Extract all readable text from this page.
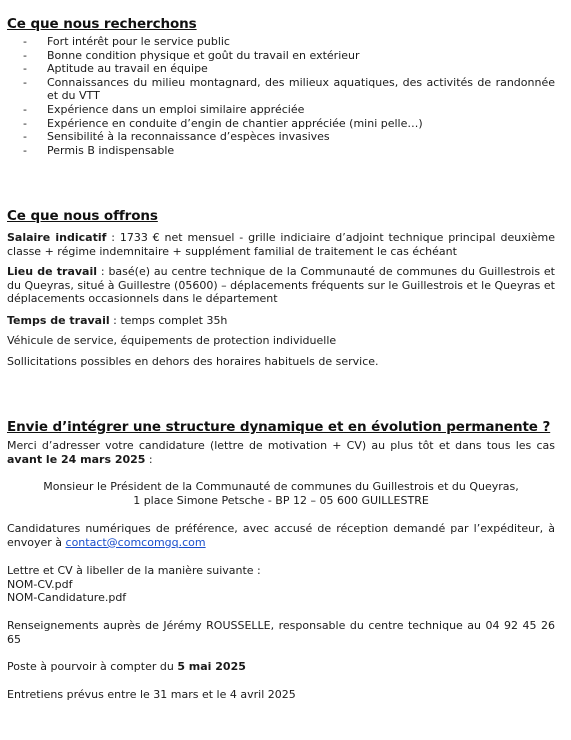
Ce que nous recherchons
- Fort intérêt pour le service public
- Bonne condition physique et goût du travail en extérieur
- Aptitude au travail en équipe
- Connaissances du milieu montagnard, des milieux aquatiques, des activités de randonnée et du VTT
- Expérience dans un emploi similaire appréciée
- Expérience en conduite d’engin de chantier appréciée (mini pelle…)
- Sensibilité à la reconnaissance d’espèces invasives
- Permis B indispensable
Ce que nous offrons

Salaire indicatif : 1733 € net mensuel - grille indiciaire d’adjoint technique principal deuxième classe + régime indemnitaire + supplément familial de traitement le cas échéant

Lieu de travail : basé(e) au centre technique de la Communauté de communes du Guillestrois et du Queyras, situé à Guillestre (05600) – déplacements fréquents sur le Guillestrois et le Queyras et déplacements occasionnels dans le département

Temps de travail : temps complet 35h

Véhicule de service, équipements de protection individuelle

Sollicitations possibles en dehors des horaires habituels de service.

Envie d’intégrer une structure dynamique et en évolution permanente ?

Merci d’adresser votre candidature (lettre de motivation + CV) au plus tôt et dans tous les cas avant le 24 mars 2025 :

Monsieur le Président de la Communauté de communes du Guillestrois et du Queyras,
1 place Simone Petsche - BP 12 – 05 600 GUILLESTRE

Candidatures numériques de préférence, avec accusé de réception demandé par l’expéditeur, à envoyer à contact@comcomgq.com

Lettre et CV à libeller de la manière suivante :
NOM-CV.pdf
NOM-Candidature.pdf

Renseignements auprès de Jérémy ROUSSELLE, responsable du centre technique au 04 92 45 26 65

Poste à pourvoir à compter du 5 mai 2025

Entretiens prévus entre le 31 mars et le 4 avril 2025
